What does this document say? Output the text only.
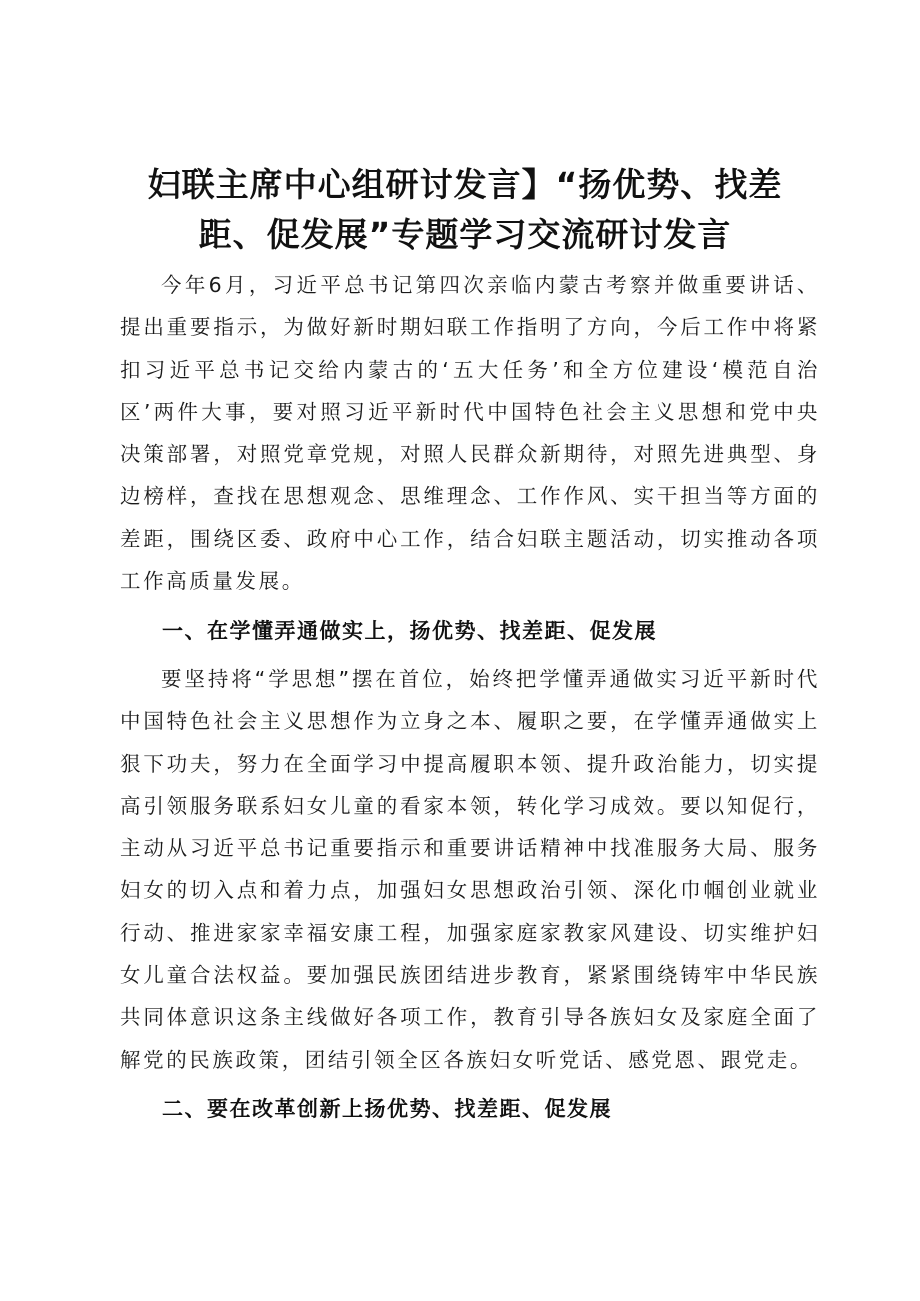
妇联主席中心组研讨发言】“扬优势、找差
距、促发展”专题学习交流研讨发言

今年6月，习近平总书记第四次亲临内蒙古考察并做重要讲话、提出重要指示，为做好新时期妇联工作指明了方向，今后工作中将紧扣习近平总书记交给内蒙古的‘五大任务’和全方位建设‘模范自治区’两件大事，要对照习近平新时代中国特色社会主义思想和党中央决策部署，对照党章党规，对照人民群众新期待，对照先进典型、身边榜样，查找在思想观念、思维理念、工作作风、实干担当等方面的差距，围绕区委、政府中心工作，结合妇联主题活动，切实推动各项工作高质量发展。

一、在学懂弄通做实上，扬优势、找差距、促发展

要坚持将“学思想”摆在首位，始终把学懂弄通做实习近平新时代中国特色社会主义思想作为立身之本、履职之要，在学懂弄通做实上狠下功夫，努力在全面学习中提高履职本领、提升政治能力，切实提高引领服务联系妇女儿童的看家本领，转化学习成效。要以知促行，主动从习近平总书记重要指示和重要讲话精神中找准服务大局、服务妇女的切入点和着力点，加强妇女思想政治引领、深化巾帼创业就业行动、推进家家幸福安康工程，加强家庭家教家风建设、切实维护妇女儿童合法权益。要加强民族团结进步教育，紧紧围绕铸牢中华民族共同体意识这条主线做好各项工作，教育引导各族妇女及家庭全面了解党的民族政策，团结引领全区各族妇女听党话、感党恩、跟党走。

二、要在改革创新上扬优势、找差距、促发展
